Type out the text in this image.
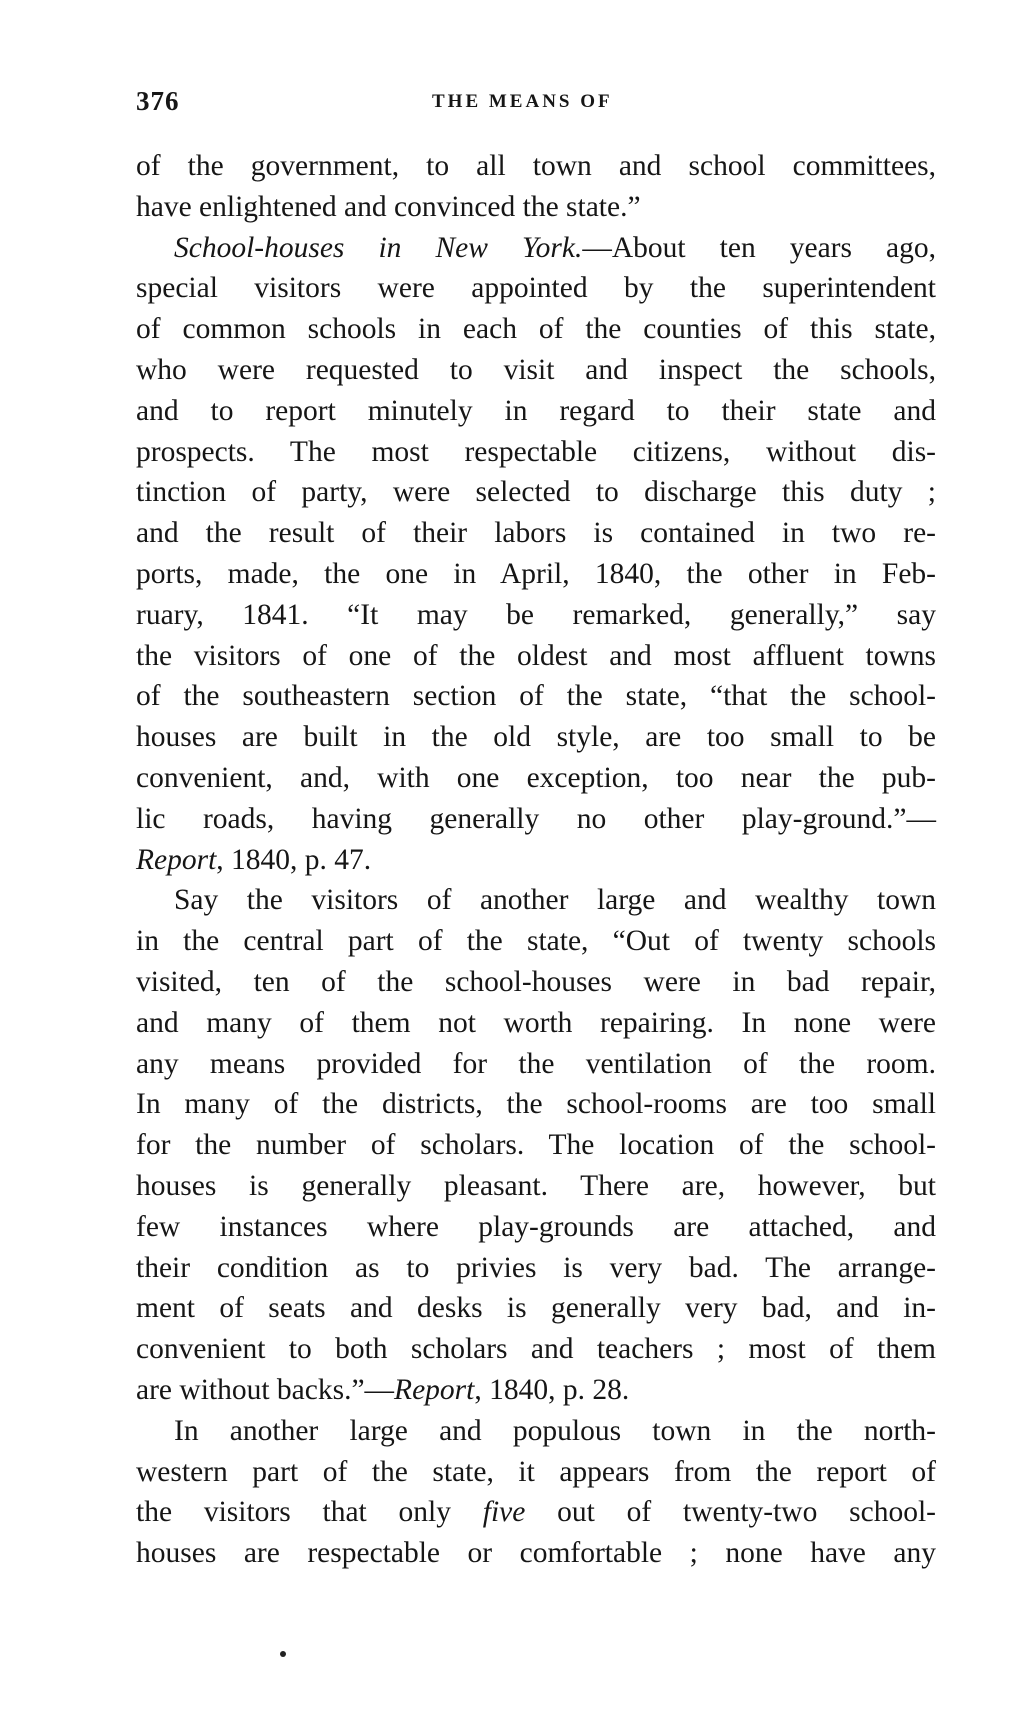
376	THE MEANS OF
of the government, to all town and school committees,
have enlightened and convinced the state.”
School-houses in New York.—About ten years ago,
special visitors were appointed by the superintendent
of common schools in each of the counties of this state,
who were requested to visit and inspect the schools,
and to report minutely in regard to their state and
prospects. The most respectable citizens, without dis-
tinction of party, were selected to discharge this duty ;
and the result of their labors is contained in two re-
ports, made, the one in April, 1840, the other in Feb-
ruary, 1841. “It may be remarked, generally,” say
the visitors of one of the oldest and most affluent towns
of the southeastern section of the state, “that the school-
houses are built in the old style, are too small to be
convenient, and, with one exception, too near the pub-
lic roads, having generally no other play-ground.”—
Report, 1840, p. 47.
Say the visitors of another large and wealthy town
in the central part of the state, “Out of twenty schools
visited, ten of the school-houses were in bad repair,
and many of them not worth repairing. In none were
any means provided for the ventilation of the room.
In many of the districts, the school-rooms are too small
for the number of scholars. The location of the school-
houses is generally pleasant. There are, however, but
few instances where play-grounds are attached, and
their condition as to privies is very bad. The arrange-
ment of seats and desks is generally very bad, and in-
convenient to both scholars and teachers ; most of them
are without backs.”—Report, 1840, p. 28.
In another large and populous town in the north-
western part of the state, it appears from the report of
the visitors that only five out of twenty-two school-
houses are respectable or comfortable ; none have any
